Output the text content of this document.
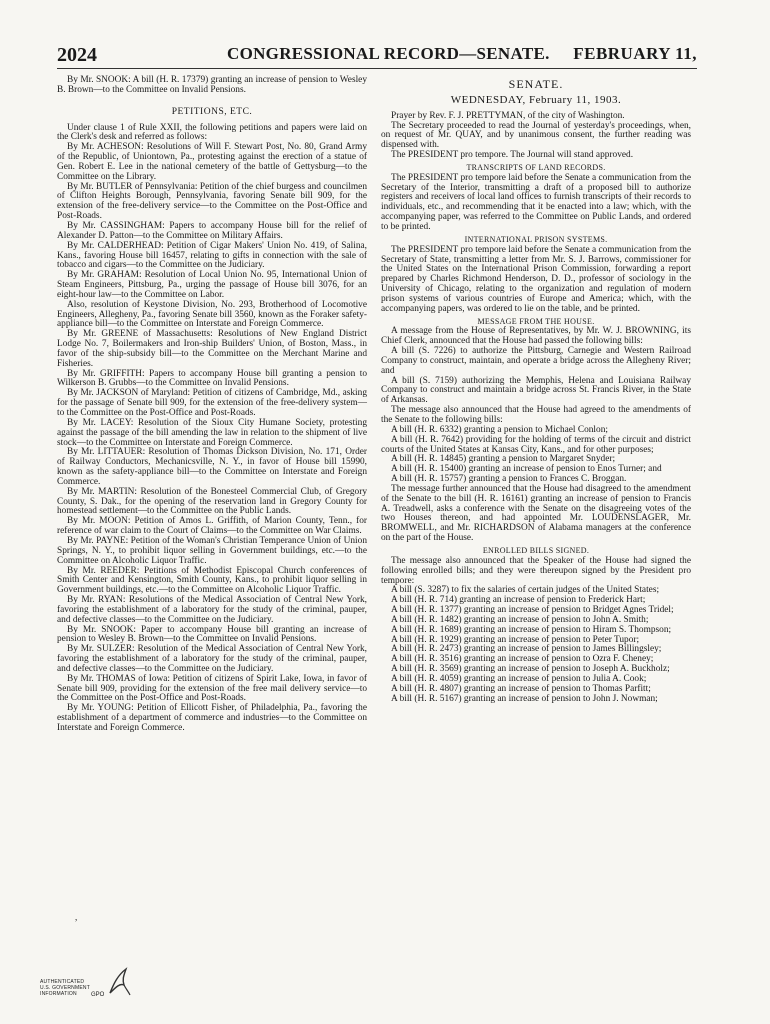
2024	CONGRESSIONAL RECORD—SENATE. FEBRUARY 11,

By Mr. SNOOK: A bill (H. R. 17379) granting an increase of pension to Wesley B. Brown—to the Committee on Invalid Pensions.

PETITIONS, ETC.

Under clause 1 of Rule XXII, the following petitions and papers were laid on the Clerk's desk and referred as follows:

By Mr. ACHESON: Resolutions of Will F. Stewart Post, No. 80, Grand Army of the Republic, of Uniontown, Pa., protesting against the erection of a statue of Gen. Robert E. Lee in the national cemetery of the battle of Gettysburg—to the Committee on the Library.

By Mr. BUTLER of Pennsylvania: Petition of the chief burgess and councilmen of Clifton Heights Borough, Pennsylvania, favoring Senate bill 909, for the extension of the free-delivery service—to the Committee on the Post-Office and Post-Roads.

By Mr. CASSINGHAM: Papers to accompany House bill for the relief of Alexander D. Patton—to the Committee on Military Affairs.

By Mr. CALDERHEAD: Petition of Cigar Makers' Union No. 419, of Salina, Kans., favoring House bill 16457, relating to gifts in connection with the sale of tobacco and cigars—to the Committee on the Judiciary.

By Mr. GRAHAM: Resolution of Local Union No. 95, International Union of Steam Engineers, Pittsburg, Pa., urging the passage of House bill 3076, for an eight-hour law—to the Committee on Labor.

Also, resolution of Keystone Division, No. 293, Brotherhood of Locomotive Engineers, Allegheny, Pa., favoring Senate bill 3560, known as the Foraker safety-appliance bill—to the Committee on Interstate and Foreign Commerce.

By Mr. GREENE of Massachusetts: Resolutions of New England District Lodge No. 7, Boilermakers and Iron-ship Builders' Union, of Boston, Mass., in favor of the ship-subsidy bill—to the Committee on the Merchant Marine and Fisheries.

By Mr. GRIFFITH: Papers to accompany House bill granting a pension to Wilkerson B. Grubbs—to the Committee on Invalid Pensions.

By Mr. JACKSON of Maryland: Petition of citizens of Cambridge, Md., asking for the passage of Senate bill 909, for the extension of the free-delivery system—to the Committee on the Post-Office and Post-Roads.

By Mr. LACEY: Resolution of the Sioux City Humane Society, protesting against the passage of the bill amending the law in relation to the shipment of live stock—to the Committee on Interstate and Foreign Commerce.

By Mr. LITTAUER: Resolution of Thomas Dickson Division, No. 171, Order of Railway Conductors, Mechanicsville, N. Y., in favor of House bill 15990, known as the safety-appliance bill—to the Committee on Interstate and Foreign Commerce.

By Mr. MARTIN: Resolution of the Bonesteel Commercial Club, of Gregory County, S. Dak., for the opening of the reservation land in Gregory County for homestead settlement—to the Committee on the Public Lands.

By Mr. MOON: Petition of Amos L. Griffith, of Marion County, Tenn., for reference of war claim to the Court of Claims—to the Committee on War Claims.

By Mr. PAYNE: Petition of the Woman's Christian Temperance Union of Union Springs, N. Y., to prohibit liquor selling in Government buildings, etc.—to the Committee on Alcoholic Liquor Traffic.

By Mr. REEDER: Petitions of Methodist Episcopal Church conferences of Smith Center and Kensington, Smith County, Kans., to prohibit liquor selling in Government buildings, etc.—to the Committee on Alcoholic Liquor Traffic.

By Mr. RYAN: Resolutions of the Medical Association of Central New York, favoring the establishment of a laboratory for the study of the criminal, pauper, and defective classes—to the Committee on the Judiciary.

By Mr. SNOOK: Paper to accompany House bill granting an increase of pension to Wesley B. Brown—to the Committee on Invalid Pensions.

By Mr. SULZER: Resolution of the Medical Association of Central New York, favoring the establishment of a laboratory for the study of the criminal, pauper, and defective classes—to the Committee on the Judiciary.

By Mr. THOMAS of Iowa: Petition of citizens of Spirit Lake, Iowa, in favor of Senate bill 909, providing for the extension of the free mail delivery service—to the Committee on the Post-Office and Post-Roads.

By Mr. YOUNG: Petition of Ellicott Fisher, of Philadelphia, Pa., favoring the establishment of a department of commerce and industries—to the Committee on Interstate and Foreign Commerce.

SENATE.

WEDNESDAY, February 11, 1903.

Prayer by Rev. F. J. PRETTYMAN, of the city of Washington.

The Secretary proceeded to read the Journal of yesterday's proceedings, when, on request of Mr. QUAY, and by unanimous consent, the further reading was dispensed with.

The PRESIDENT pro tempore. The Journal will stand approved.

TRANSCRIPTS OF LAND RECORDS.

The PRESIDENT pro tempore laid before the Senate a communication from the Secretary of the Interior, transmitting a draft of a proposed bill to authorize registers and receivers of local land offices to furnish transcripts of their records to individuals, etc., and recommending that it be enacted into a law; which, with the accompanying paper, was referred to the Committee on Public Lands, and ordered to be printed.

INTERNATIONAL PRISON SYSTEMS.

The PRESIDENT pro tempore laid before the Senate a communication from the Secretary of State, transmitting a letter from Mr. S. J. Barrows, commissioner for the United States on the International Prison Commission, forwarding a report prepared by Charles Richmond Henderson, D. D., professor of sociology in the University of Chicago, relating to the organization and regulation of modern prison systems of various countries of Europe and America; which, with the accompanying papers, was ordered to lie on the table, and be printed.

MESSAGE FROM THE HOUSE.

A message from the House of Representatives, by Mr. W. J. BROWNING, its Chief Clerk, announced that the House had passed the following bills:

A bill (S. 7226) to authorize the Pittsburg, Carnegie and Western Railroad Company to construct, maintain, and operate a bridge across the Allegheny River; and

A bill (S. 7159) authorizing the Memphis, Helena and Louisiana Railway Company to construct and maintain a bridge across St. Francis River, in the State of Arkansas.

The message also announced that the House had agreed to the amendments of the Senate to the following bills:

A bill (H. R. 6332) granting a pension to Michael Conlon;

A bill (H. R. 7642) providing for the holding of terms of the circuit and district courts of the United States at Kansas City, Kans., and for other purposes;

A bill (H. R. 14845) granting a pension to Margaret Snyder;

A bill (H. R. 15400) granting an increase of pension to Enos Turner; and

A bill (H. R. 15757) granting a pension to Frances C. Broggan.

The message further announced that the House had disagreed to the amendment of the Senate to the bill (H. R. 16161) granting an increase of pension to Francis A. Treadwell, asks a conference with the Senate on the disagreeing votes of the two Houses thereon, and had appointed Mr. LOUDENSLAGER, Mr. BROMWELL, and Mr. RICHARDSON of Alabama managers at the conference on the part of the House.

ENROLLED BILLS SIGNED.

The message also announced that the Speaker of the House had signed the following enrolled bills; and they were thereupon signed by the President pro tempore:

A bill (S. 3287) to fix the salaries of certain judges of the United States;

A bill (H. R. 714) granting an increase of pension to Frederick Hart;

A bill (H. R. 1377) granting an increase of pension to Bridget Agnes Tridel;

A bill (H. R. 1482) granting an increase of pension to John A. Smith;

A bill (H. R. 1689) granting an increase of pension to Hiram S. Thompson;

A bill (H. R. 1929) granting an increase of pension to Peter Tupor;

A bill (H. R. 2473) granting an increase of pension to James Billingsley;

A bill (H. R. 3516) granting an increase of pension to Ozra F. Cheney;

A bill (H. R. 3569) granting an increase of pension to Joseph A. Buckholz;

A bill (H. R. 4059) granting an increase of pension to Julia A. Cook;

A bill (H. R. 4807) granting an increase of pension to Thomas Parfitt;

A bill (H. R. 5167) granting an increase of pension to John J. Nowman;

,
AUTHENTICATED
U.S. GOVERNMENT
INFORMATION GPO
